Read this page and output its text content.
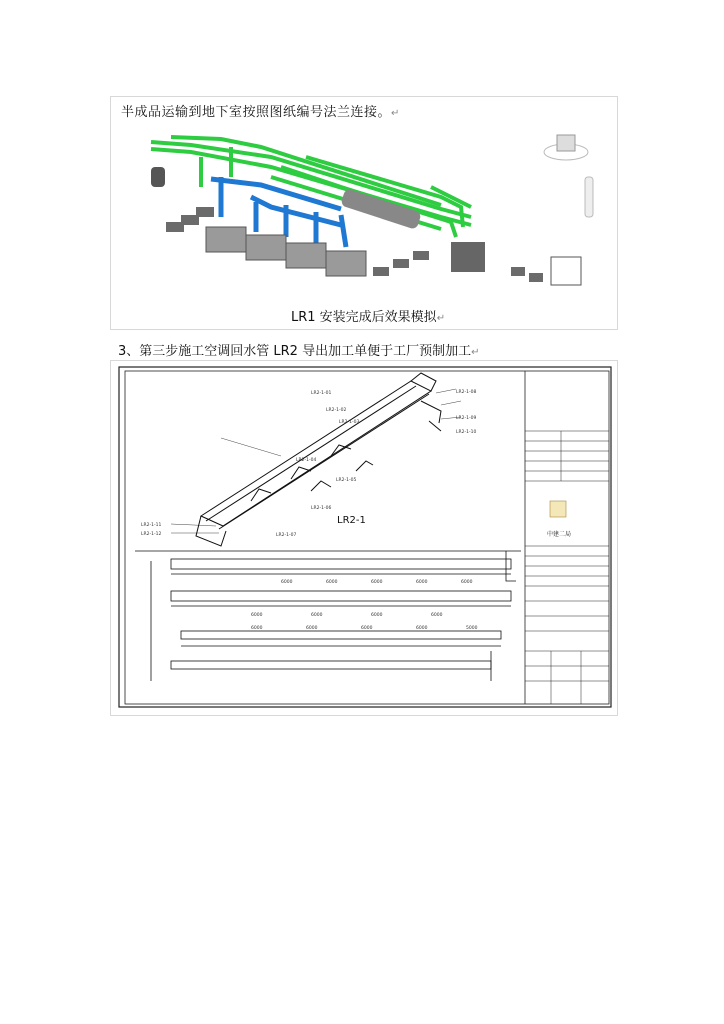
半成品运输到地下室按照图纸编号法兰连接。↵
LR1 安装完成后效果模拟↵
3、第三步施工空调回水管 LR2 导出加工单便于工厂预制加工↵
中建二局
LR2-1
LR2-1-01
LR2-1-02
LR2-1-03
LR2-1-04
LR2-1-05
LR2-1-06
LR2-1-07
LR2-1-08
LR2-1-09
LR2-1-10
LR2-1-11
LR2-1-12
6000	6000	6000	6000	6000
6000	6000	6000	6000
6000	6000	6000	6000	5000
